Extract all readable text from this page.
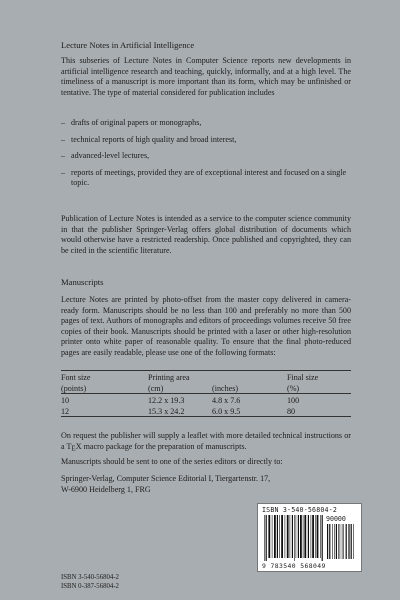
Lecture Notes in Artificial Intelligence

This subseries of Lecture Notes in Computer Science reports new developments in artificial intelligence research and teaching, quickly, informally, and at a high level. The timeliness of a manuscript is more important than its form, which may be unfinished or tentative. The type of material considered for publication includes

– drafts of original papers or monographs,
– technical reports of high quality and broad interest,
– advanced-level lectures,
– reports of meetings, provided they are of exceptional interest and focused on a single topic.

Publication of Lecture Notes is intended as a service to the computer science community in that the publisher Springer-Verlag offers global distribution of documents which would otherwise have a restricted readership. Once published and copyrighted, they can be cited in the scientific literature.

Manuscripts

Lecture Notes are printed by photo-offset from the master copy delivered in camera-ready form. Manuscripts should be no less than 100 and preferably no more than 500 pages of text. Authors of monographs and editors of proceedings volumes receive 50 free copies of their book. Manuscripts should be printed with a laser or other high-resolution printer onto white paper of reasonable quality. To ensure that the final photo-reduced pages are easily readable, please use one of the following formats:

Font size	Printing area		Final size
(points)	(cm)	(inches)	(%)
10	12.2 x 19.3	4.8 x 7.6	100
12	15.3 x 24.2	6.0 x 9.5	80

On request the publisher will supply a leaflet with more detailed technical instructions or a $T_EX$ macro package for the preparation of manuscripts.

Manuscripts should be sent to one of the series editors or directly to:

Springer-Verlag, Computer Science Editorial I, Tiergartenstr. 17,
W-6900 Heidelberg 1, FRG
ISBN 3-540-56804-2
ISBN 0-387-56804-2
ISBN 3-540-56804-2
90000
9 783540 568049
